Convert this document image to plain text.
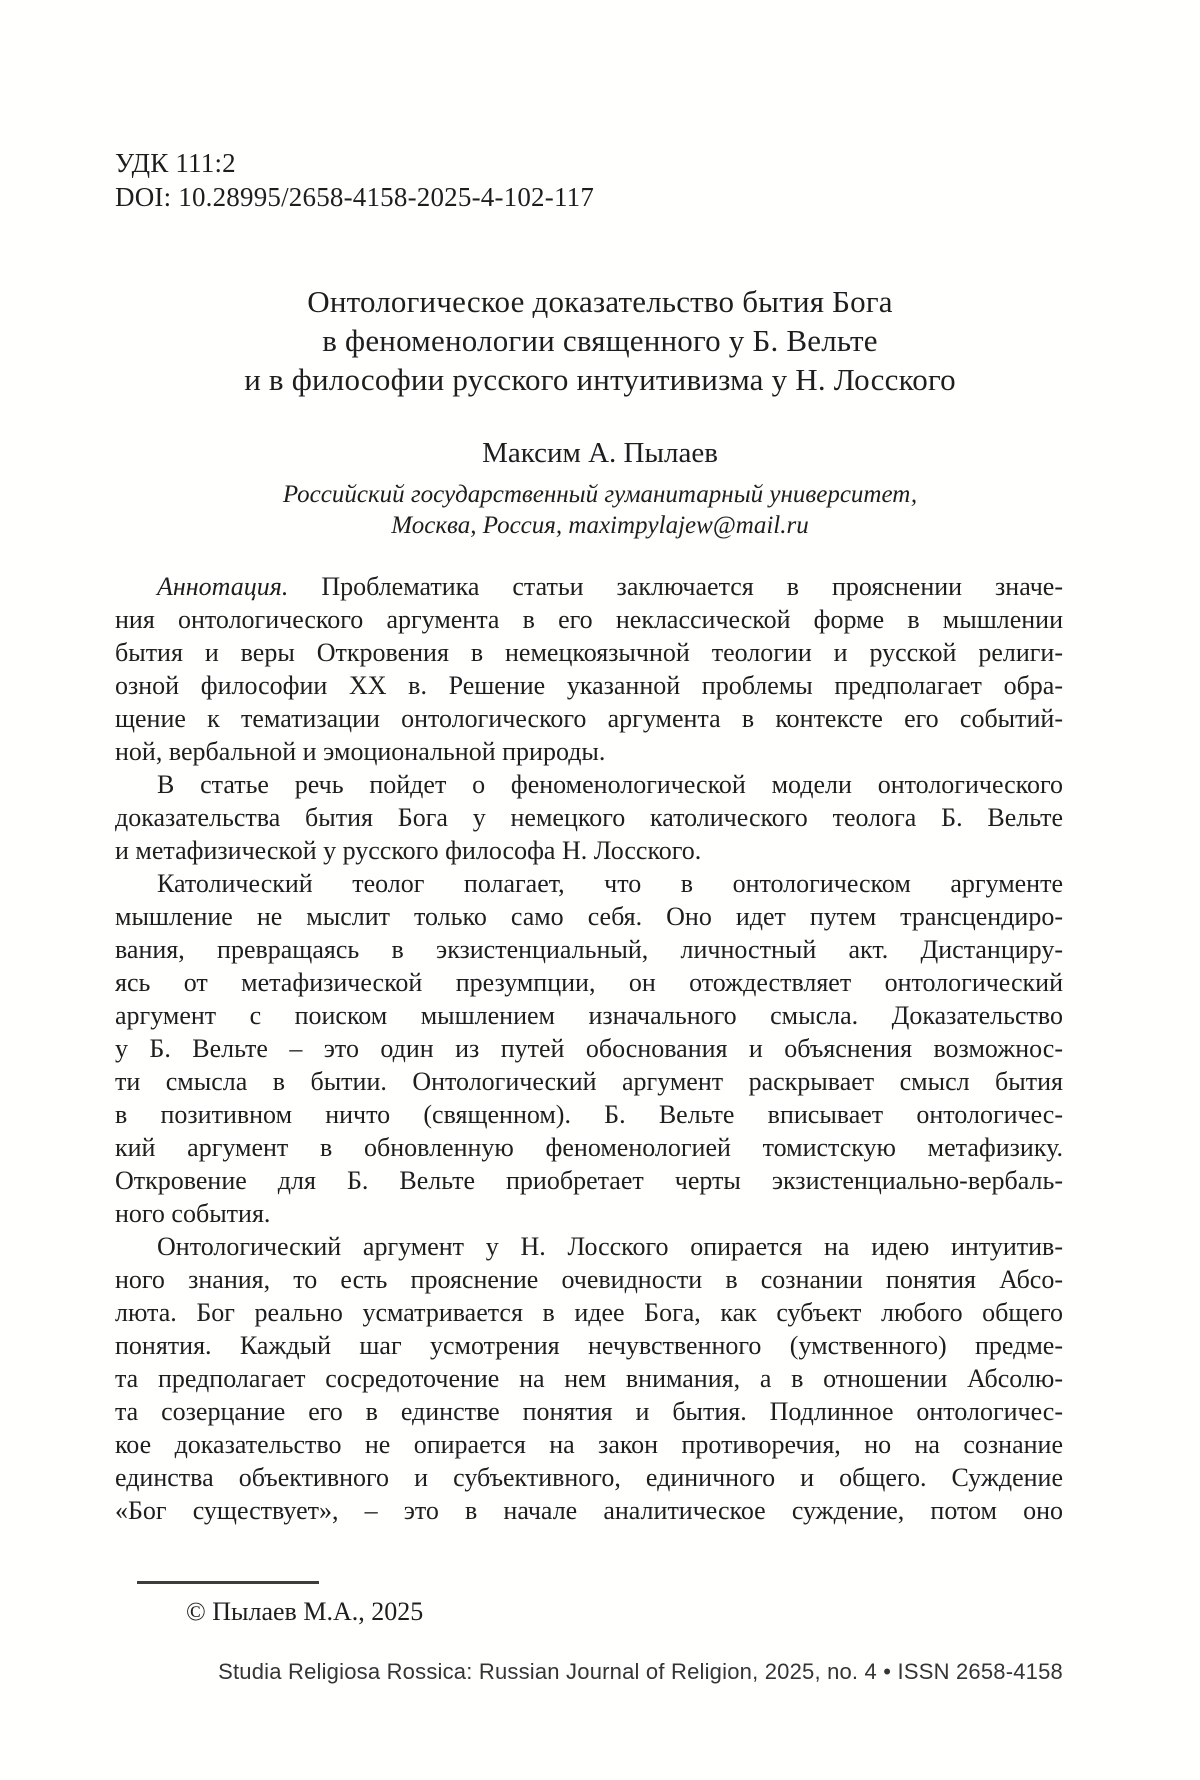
УДК 111:2
DOI: 10.28995/2658-4158-2025-4-102-117
Онтологическое доказательство бытия Бога
в феноменологии священного у Б. Вельте
и в философии русского интуитивизма у Н. Лосского
Максим А. Пылаев
Российский государственный гуманитарный университет,
Москва, Россия, maximpylajew@mail.ru
Аннотация. Проблематика статьи заключается в прояснении значе-
ния онтологического аргумента в его неклассической форме в мышлении
бытия и веры Откровения в немецкоязычной теологии и русской религи-
озной философии XX в. Решение указанной проблемы предполагает обра-
щение к тематизации онтологического аргумента в контексте его событий-
ной, вербальной и эмоциональной природы.
В статье речь пойдет о феноменологической модели онтологического
доказательства бытия Бога у немецкого католического теолога Б. Вельте
и метафизической у русского философа Н. Лосского.
Католический теолог полагает, что в онтологическом аргументе
мышление не мыслит только само себя. Оно идет путем трансцендиро-
вания, превращаясь в экзистенциальный, личностный акт. Дистанциру-
ясь от метафизической презумпции, он отождествляет онтологический
аргумент с поиском мышлением изначального смысла. Доказательство
у Б. Вельте – это один из путей обоснования и объяснения возможнос-
ти смысла в бытии. Онтологический аргумент раскрывает смысл бытия
в позитивном ничто (священном). Б. Вельте вписывает онтологичес-
кий аргумент в обновленную феноменологией томистскую метафизику.
Откровение для Б. Вельте приобретает черты экзистенциально-вербаль-
ного события.
Онтологический аргумент у Н. Лосского опирается на идею интуитив-
ного знания, то есть прояснение очевидности в сознании понятия Абсо-
люта. Бог реально усматривается в идее Бога, как субъект любого общего
понятия. Каждый шаг усмотрения нечувственного (умственного) предме-
та предполагает сосредоточение на нем внимания, а в отношении Абсолю-
та созерцание его в единстве понятия и бытия. Подлинное онтологичес-
кое доказательство не опирается на закон противоречия, но на сознание
единства объективного и субъективного, единичного и общего. Суждение
«Бог существует», – это в начале аналитическое суждение, потом оно
© Пылаев М.А., 2025
Studia Religiosa Rossica: Russian Journal of Religion, 2025, no. 4 • ISSN 2658-4158
